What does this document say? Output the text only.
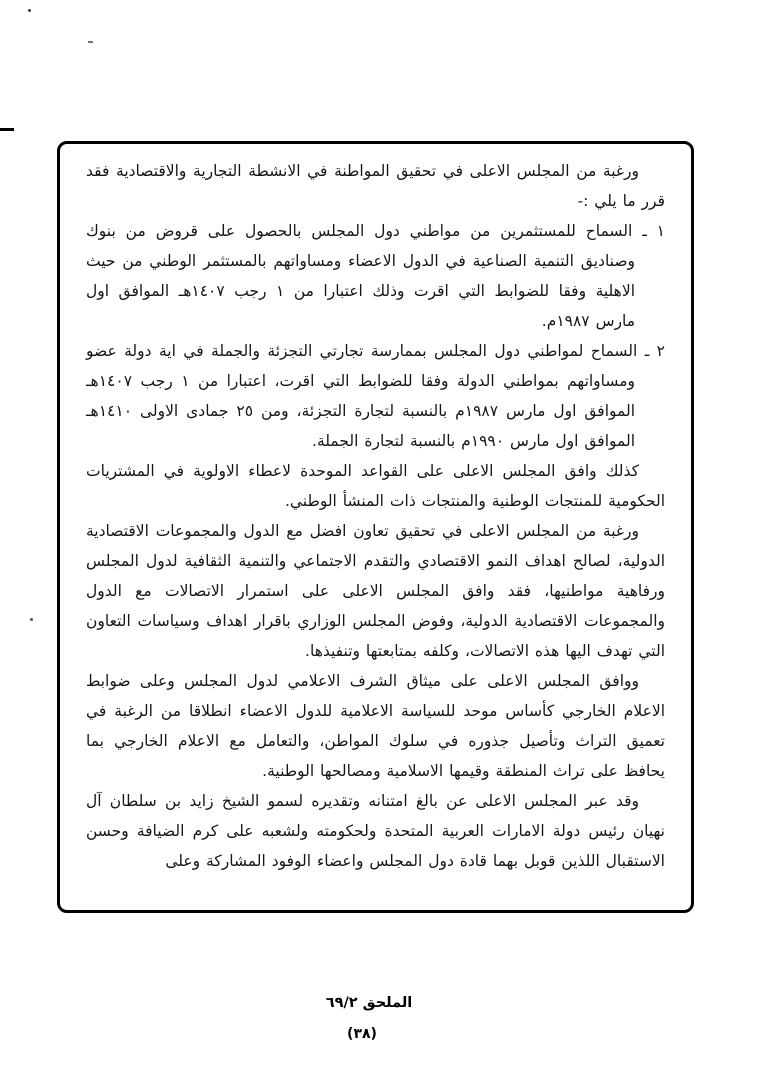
ورغبة من المجلس الاعلى في تحقيق المواطنة في الانشطة التجارية والاقتصادية فقد قرر ما يلي :-

١ ـ السماح للمستثمرين من مواطني دول المجلس بالحصول على قروض من بنوك وصناديق التنمية الصناعية في الدول الاعضاء ومساواتهم بالمستثمر الوطني من حيث الاهلية وفقا للضوابط التي اقرت وذلك اعتبارا من ١ رجب ١٤٠٧هـ الموافق اول مارس ١٩٨٧م.

٢ ـ السماح لمواطني دول المجلس بممارسة تجارتي التجزئة والجملة في اية دولة عضو ومساواتهم بمواطني الدولة وفقا للضوابط التي اقرت، اعتبارا من ١ رجب ١٤٠٧هـ الموافق اول مارس ١٩٨٧م بالنسبة لتجارة التجزئة، ومن ٢٥ جمادى الاولى ١٤١٠هـ الموافق اول مارس ١٩٩٠م بالنسبة لتجارة الجملة.

كذلك وافق المجلس الاعلى على القواعد الموحدة لاعطاء الاولوية في المشتريات الحكومية للمنتجات الوطنية والمنتجات ذات المنشأ الوطني.

ورغبة من المجلس الاعلى في تحقيق تعاون افضل مع الدول والمجموعات الاقتصادية الدولية، لصالح اهداف النمو الاقتصادي والتقدم الاجتماعي والتنمية الثقافية لدول المجلس ورفاهية مواطنيها، فقد وافق المجلس الاعلى على استمرار الاتصالات مع الدول والمجموعات الاقتصادية الدولية، وفوض المجلس الوزاري باقرار اهداف وسياسات التعاون التي تهدف اليها هذه الاتصالات، وكلفه بمتابعتها وتنفيذها.

ووافق المجلس الاعلى على ميثاق الشرف الاعلامي لدول المجلس وعلى ضوابط الاعلام الخارجي كأساس موحد للسياسة الاعلامية للدول الاعضاء انطلاقا من الرغبة في تعميق التراث وتأصيل جذوره في سلوك المواطن، والتعامل مع الاعلام الخارجي بما يحافظ على تراث المنطقة وقيمها الاسلامية ومصالحها الوطنية.

وقد عبر المجلس الاعلى عن بالغ امتنانه وتقديره لسمو الشيخ زايد بن سلطان آل نهيان رئيس دولة الامارات العربية المتحدة ولحكومته ولشعبه على كرم الضيافة وحسن الاستقبال اللذين قوبل بهما قادة دول المجلس واعضاء الوفود المشاركة وعلى

الملحق ٦٩/٢
(٣٨)
